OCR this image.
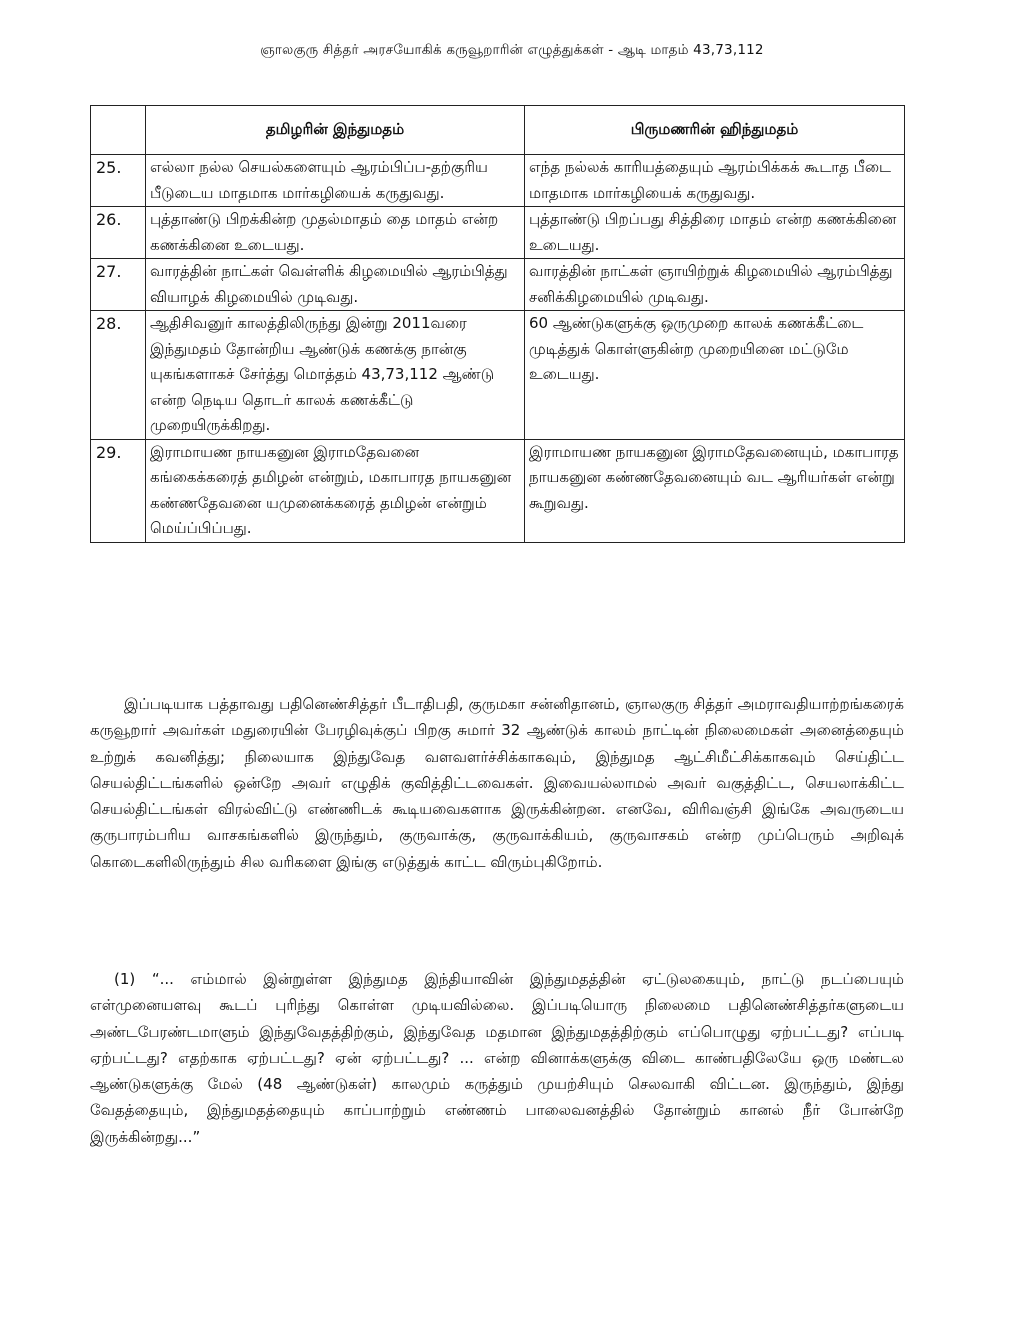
ஞாலகுரு சித்தர் அரசயோகிக் கருவூறாரின் எழுத்துக்கள் - ஆடி மாதம் 43,73,112
	தமிழரின் இந்துமதம்	பிருமணரின் ஹிந்துமதம்
25.	எல்லா நல்ல செயல்களையும் ஆரம்பிப்ப-தற்குரிய பீடுடைய மாதமாக மார்கழியைக் கருதுவது.	எந்த நல்லக் காரியத்தையும் ஆரம்பிக்கக் கூடாத பீடை மாதமாக மார்கழியைக் கருதுவது.
26.	புத்தாண்டு பிறக்கின்ற முதல்மாதம் தை மாதம் என்ற கணக்கினை உடையது.	புத்தாண்டு பிறப்பது சித்திரை மாதம் என்ற கணக்கினை உடையது.
27.	வாரத்தின் நாட்கள் வெள்ளிக் கிழமையில் ஆரம்பித்து வியாழக் கிழமையில் முடிவது.	வாரத்தின் நாட்கள் ஞாயிற்றுக் கிழமையில் ஆரம்பித்து சனிக்கிழமையில் முடிவது.
28.	ஆதிசிவனுர் காலத்திலிருந்து இன்று 2011வரை இந்துமதம் தோன்றிய ஆண்டுக் கணக்கு நான்கு யுகங்களாகச் சேர்த்து மொத்தம் 43,73,112 ஆண்டு என்ற நெடிய தொடர் காலக் கணக்கீட்டு முறையிருக்கிறது.	60 ஆண்டுகளுக்கு ஒருமுறை காலக் கணக்கீட்டை முடித்துக் கொள்ளுகின்ற முறையினை மட்டுமே உடையது.
29.	இராமாயண நாயகனுன இராமதேவனை கங்கைக்கரைத் தமிழன் என்றும், மகாபாரத நாயகனுன கண்ணதேவனை யமுனைக்கரைத் தமிழன் என்றும் மெய்ப்பிப்பது.	இராமாயண நாயகனுன இராமதேவனையும், மகாபாரத நாயகனுன கண்ணதேவனையும் வட ஆரியர்கள் என்று கூறுவது.

இப்படியாக பத்தாவது பதினெண்சித்தர் பீடாதிபதி, குருமகா சன்னிதானம், ஞாலகுரு சித்தர் அமராவதியாற்றங்கரைக் கருவூறார் அவர்கள் மதுரையின் பேரழிவுக்குப் பிறகு சுமார் 32 ஆண்டுக் காலம் நாட்டின் நிலைமைகள் அனைத்தையும் உற்றுக் கவனித்து; நிலையாக இந்துவேத வளவளர்ச்சிக்காகவும், இந்துமத ஆட்சிமீட்சிக்காகவும் செய்திட்ட செயல்திட்டங்களில் ஒன்றே அவர் எழுதிக் குவித்திட்டவைகள். இவையல்லாமல் அவர் வகுத்திட்ட, செயலாக்கிட்ட செயல்திட்டங்கள் விரல்விட்டு எண்ணிடக் கூடியவைகளாக இருக்கின்றன. எனவே, விரிவஞ்சி இங்கே அவருடைய குருபாரம்பரிய வாசகங்களில் இருந்தும், குருவாக்கு, குருவாக்கியம், குருவாசகம் என்ற முப்பெரும் அறிவுக் கொடைகளிலிருந்தும் சில வரிகளை இங்கு எடுத்துக் காட்ட விரும்புகிறோம்.

(1) “... எம்மால் இன்றுள்ள இந்துமத இந்தியாவின் இந்துமதத்தின் ஏட்டுலகையும், நாட்டு நடப்பையும் எள்முனையளவு கூடப் புரிந்து கொள்ள முடியவில்லை. இப்படியொரு நிலைமை பதினெண்சித்தர்களுடைய அண்டபேரண்டமாளும் இந்துவேதத்திற்கும், இந்துவேத மதமான இந்துமதத்திற்கும் எப்பொழுது ஏற்பட்டது? எப்படி ஏற்பட்டது? எதற்காக ஏற்பட்டது? ஏன் ஏற்பட்டது? ... என்ற வினாக்களுக்கு விடை காண்பதிலேயே ஒரு மண்டல ஆண்டுகளுக்கு மேல் (48 ஆண்டுகள்) காலமும் கருத்தும் முயற்சியும் செலவாகி விட்டன. இருந்தும், இந்து வேதத்தையும், இந்துமதத்தையும் காப்பாற்றும் எண்ணம் பாலைவனத்தில் தோன்றும் கானல் நீர் போன்றே இருக்கின்றது...”
